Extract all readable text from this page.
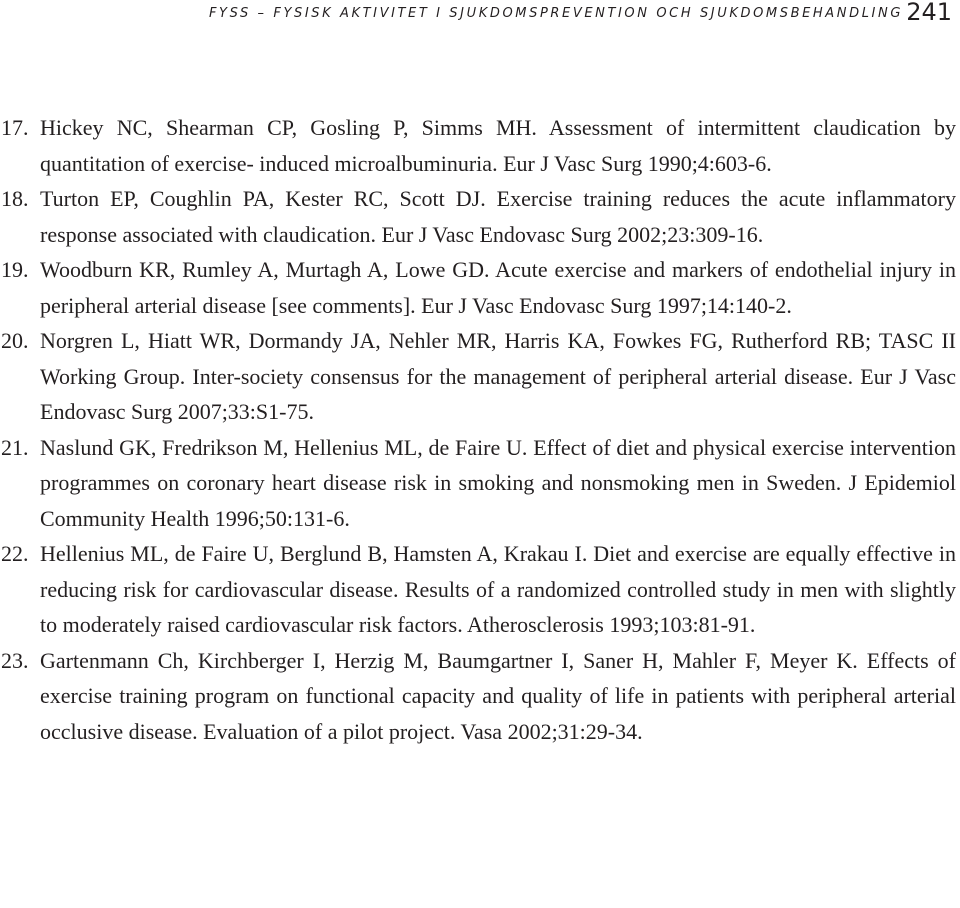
FYSS – FYSISK AKTIVITET I SJUKDOMSPREVENTION OCH SJUKDOMSBEHANDLING 241
17. Hickey NC, Shearman CP, Gosling P, Simms MH. Assessment of intermittent claudication by quantitation of exercise- induced microalbuminuria. Eur J Vasc Surg 1990;4:603-6.
18. Turton EP, Coughlin PA, Kester RC, Scott DJ. Exercise training reduces the acute inflammatory response associated with claudication. Eur J Vasc Endovasc Surg 2002;23:309-16.
19. Woodburn KR, Rumley A, Murtagh A, Lowe GD. Acute exercise and markers of endothelial injury in peripheral arterial disease [see comments]. Eur J Vasc Endovasc Surg 1997;14:140-2.
20. Norgren L, Hiatt WR, Dormandy JA, Nehler MR, Harris KA, Fowkes FG, Rutherford RB; TASC II Working Group. Inter-society consensus for the management of peripheral arterial disease. Eur J Vasc Endovasc Surg 2007;33:S1-75.
21. Naslund GK, Fredrikson M, Hellenius ML, de Faire U. Effect of diet and physical exercise intervention programmes on coronary heart disease risk in smoking and nonsmoking men in Sweden. J Epidemiol Community Health 1996;50:131-6.
22. Hellenius ML, de Faire U, Berglund B, Hamsten A, Krakau I. Diet and exercise are equally effective in reducing risk for cardiovascular disease. Results of a randomized controlled study in men with slightly to moderately raised cardiovascular risk factors. Atherosclerosis 1993;103:81-91.
23. Gartenmann Ch, Kirchberger I, Herzig M, Baumgartner I, Saner H, Mahler F, Meyer K. Effects of exercise training program on functional capacity and quality of life in patients with peripheral arterial occlusive disease. Evaluation of a pilot project. Vasa 2002;31:29-34.
